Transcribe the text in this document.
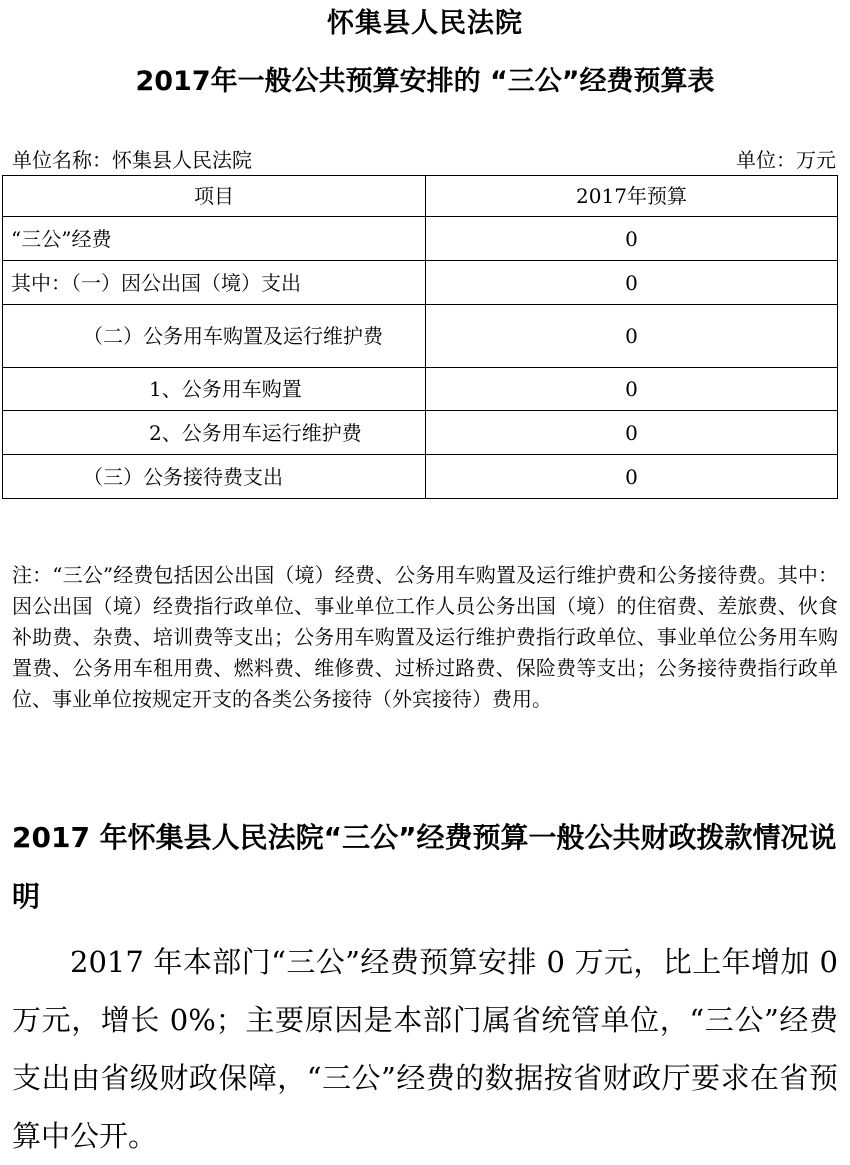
怀集县人民法院
2017年一般公共预算安排的 “三公”经费预算表
单位名称：怀集县人民法院	单位：万元
项目	2017年预算
“三公”经费	0
其中：（一）因公出国（境）支出	0
（二）公务用车购置及运行维护费	0
1、公务用车购置	0
2、公务用车运行维护费	0
（三）公务接待费支出	0
注：“三公”经费包括因公出国（境）经费、公务用车购置及运行维护费和公务接待费。其中：因公出国（境）经费指行政单位、事业单位工作人员公务出国（境）的住宿费、差旅费、伙食补助费、杂费、培训费等支出；公务用车购置及运行维护费指行政单位、事业单位公务用车购置费、公务用车租用费、燃料费、维修费、过桥过路费、保险费等支出；公务接待费指行政单位、事业单位按规定开支的各类公务接待（外宾接待）费用。
2017 年怀集县人民法院“三公”经费预算一般公共财政拨款情况说明
2017 年本部门“三公”经费预算安排 0 万元，比上年增加 0 万元，增长 0%；主要原因是本部门属省统管单位，“三公”经费支出由省级财政保障，“三公”经费的数据按省财政厅要求在省预算中公开。
